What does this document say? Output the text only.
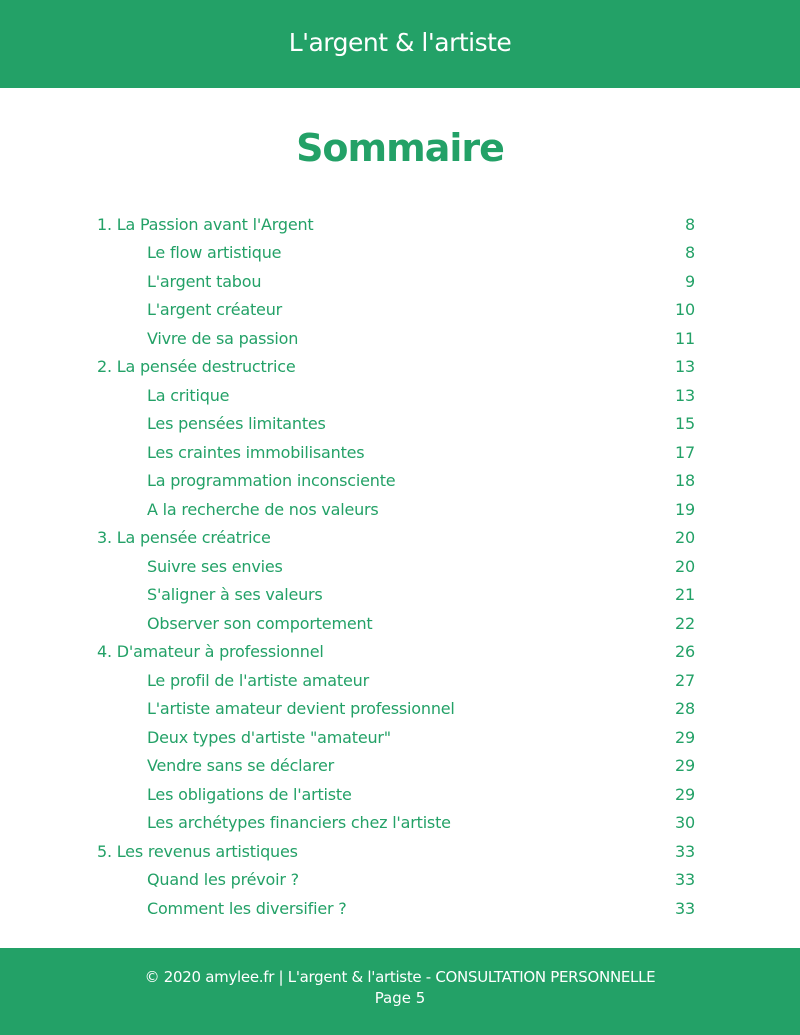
L'argent & l'artiste
Sommaire
1. La Passion avant l'Argent	8
Le flow artistique	8
L'argent tabou	9
L'argent créateur	10
Vivre de sa passion	11
2. La pensée destructrice	13
La critique	13
Les pensées limitantes	15
Les craintes immobilisantes	17
La programmation inconsciente	18
A la recherche de nos valeurs	19
3. La pensée créatrice	20
Suivre ses envies	20
S'aligner à ses valeurs	21
Observer son comportement	22
4. D'amateur à professionnel	26
Le profil de l'artiste amateur	27
L'artiste amateur devient professionnel	28
Deux types d'artiste "amateur"	29
Vendre sans se déclarer	29
Les obligations de l'artiste	29
Les archétypes financiers chez l'artiste	30
5. Les revenus artistiques	33
Quand les prévoir ?	33
Comment les diversifier ?	33
© 2020 amylee.fr | L'argent & l'artiste - CONSULTATION PERSONNELLE
Page 5
